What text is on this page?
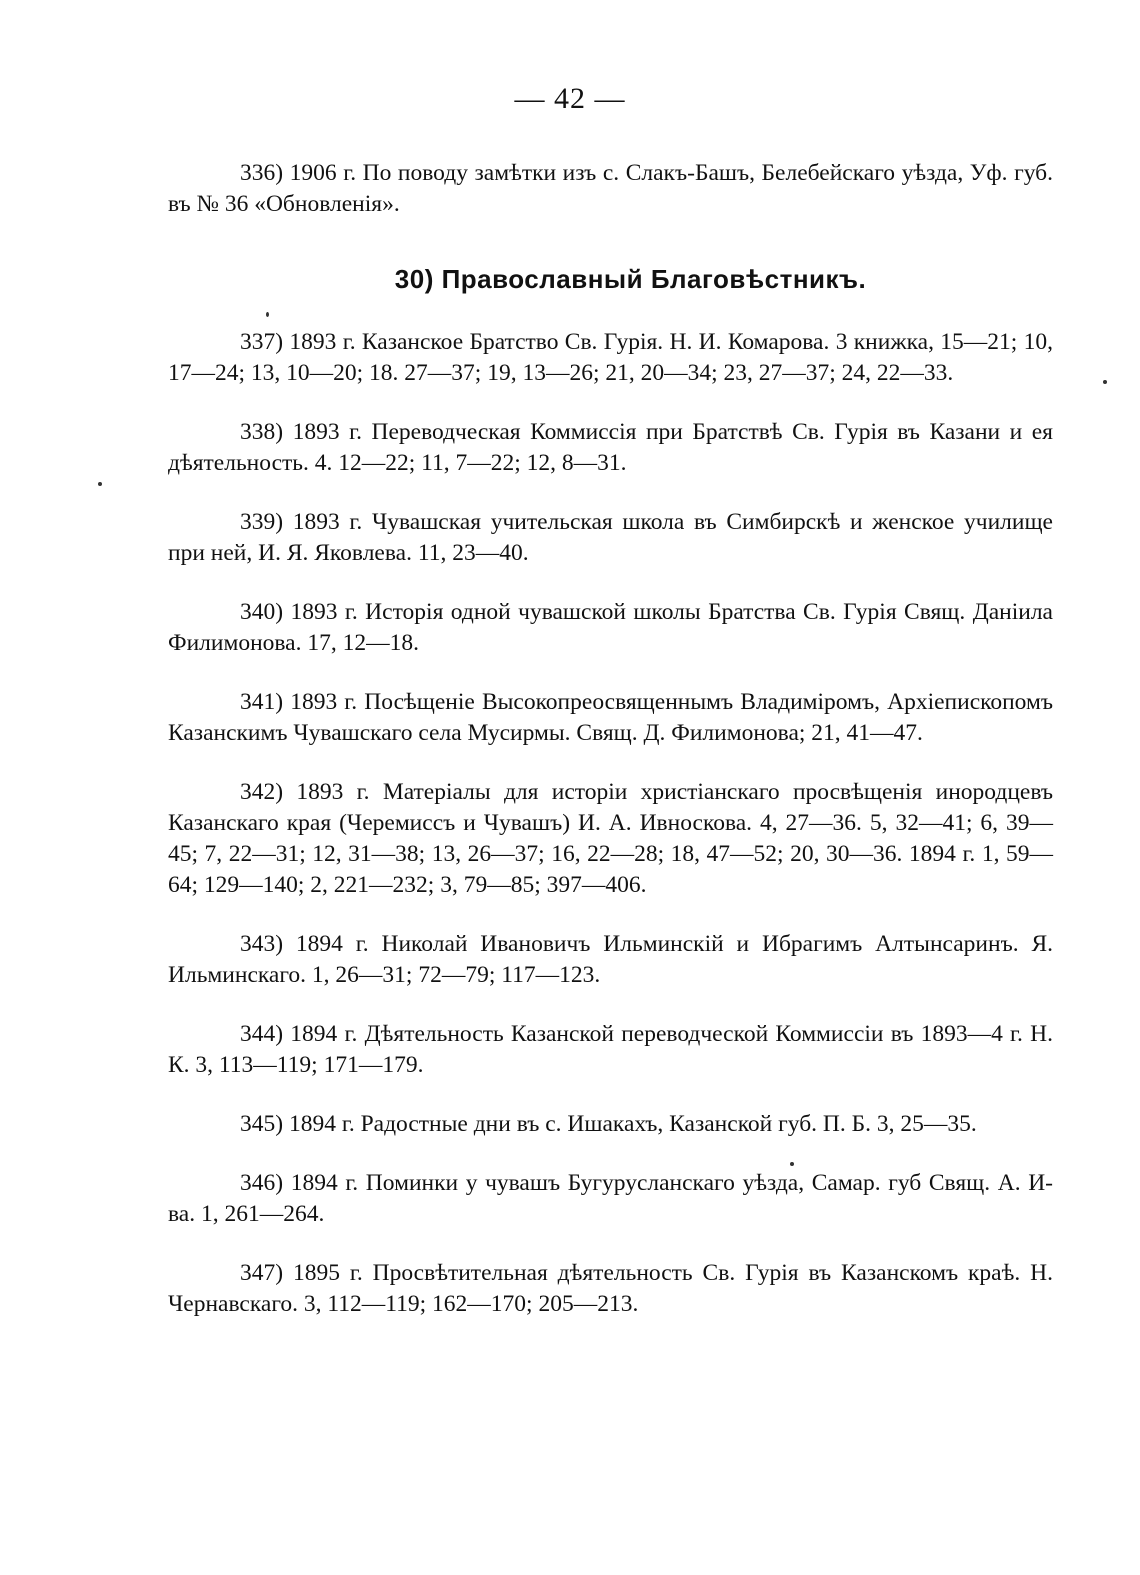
— 42 —

336) 1906 г. По поводу замѣтки изъ с. Слакъ-Башъ, Белебейскаго уѣзда, Уф. губ. въ № 36 «Обновленія».

30) Православный Благовѣстникъ.

337) 1893 г. Казанское Братство Св. Гурія. Н. И. Комарова. 3 книжка, 15—21; 10, 17—24; 13, 10—20; 18. 27—37; 19, 13—26; 21, 20—34; 23, 27—37; 24, 22—33.

338) 1893 г. Переводческая Коммиссія при Братствѣ Св. Гурія въ Казани и ея дѣятельность. 4. 12—22; 11, 7—22; 12, 8—31.

339) 1893 г. Чувашская учительская школа въ Симбирскѣ и женское училище при ней, И. Я. Яковлева. 11, 23—40.

340) 1893 г. Исторія одной чувашской школы Братства Св. Гурія Свящ. Даніила Филимонова. 17, 12—18.

341) 1893 г. Посѣщеніе Высокопреосвященнымъ Владиміромъ, Архіепископомъ Казанскимъ Чувашскаго села Мусирмы. Свящ. Д. Филимонова; 21, 41—47.

342) 1893 г. Матеріалы для исторіи христіанскаго просвѣщенія инородцевъ Казанскаго края (Черемиссъ и Чувашъ) И. А. Ивноскова. 4, 27—36. 5, 32—41; 6, 39—45; 7, 22—31; 12, 31—38; 13, 26—37; 16, 22—28; 18, 47—52; 20, 30—36. 1894 г. 1, 59—64; 129—140; 2, 221—232; 3, 79—85; 397—406.

343) 1894 г. Николай Ивановичъ Ильминскій и Ибрагимъ Алтынсаринъ. Я. Ильминскаго. 1, 26—31; 72—79; 117—123.

344) 1894 г. Дѣятельность Казанской переводческой Коммиссіи въ 1893—4 г. Н. К. 3, 113—119; 171—179.

345) 1894 г. Радостные дни въ с. Ишакахъ, Казанской губ. П. Б. 3, 25—35.

346) 1894 г. Поминки у чувашъ Бугурусланскаго уѣзда, Самар. губ Свящ. А. И-ва. 1, 261—264.

347) 1895 г. Просвѣтительная дѣятельность Св. Гурія въ Казанскомъ краѣ. Н. Чернавскаго. 3, 112—119; 162—170; 205—213.
